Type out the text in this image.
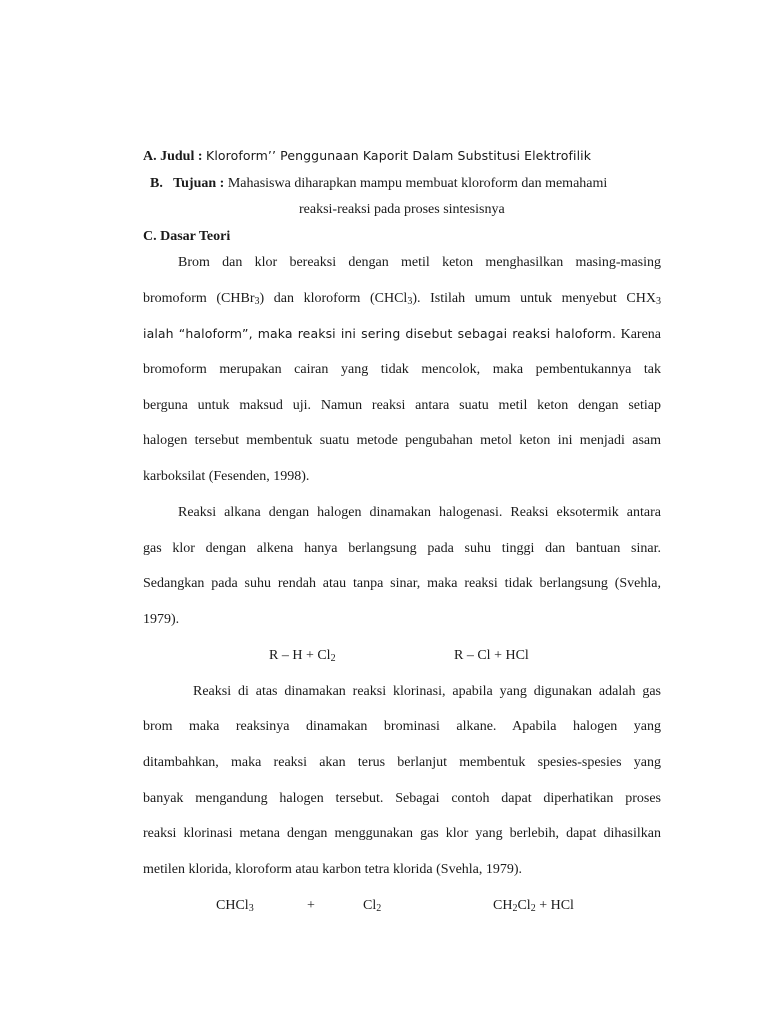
A. Judul : Kloroform’’ Penggunaan Kaporit Dalam Substitusi Elektrofilik
B.   Tujuan : Mahasiswa diharapkan mampu membuat kloroform dan memahami
reaksi-reaksi pada proses sintesisnya
C. Dasar Teori
Brom dan klor bereaksi dengan metil keton menghasilkan masing-masing
bromoform (CHBr$_3$) dan kloroform (CHCl$_3$). Istilah umum untuk menyebut $CHX_3$
ialah “haloform”, maka reaksi ini sering disebut sebagai reaksi haloform. Karena
bromoform merupakan cairan yang tidak mencolok, maka pembentukannya tak
berguna untuk maksud uji. Namun reaksi antara suatu metil keton dengan setiap
halogen tersebut membentuk suatu metode pengubahan metol keton ini menjadi asam
karboksilat (Fesenden, 1998).
Reaksi alkana dengan halogen dinamakan halogenasi. Reaksi eksotermik antara
gas klor dengan alkena hanya berlangsung pada suhu tinggi dan bantuan sinar.
Sedangkan pada suhu rendah atau tanpa sinar, maka reaksi tidak berlangsung (Svehla,
1979).
$R - H + Cl_2$	R – Cl + HCl
Reaksi di atas dinamakan reaksi klorinasi, apabila yang digunakan adalah gas
brom maka reaksinya dinamakan brominasi alkane. Apabila halogen yang
ditambahkan, maka reaksi akan terus berlanjut membentuk spesies-spesies yang
banyak mengandung halogen tersebut. Sebagai contoh dapat diperhatikan proses
reaksi klorinasi metana dengan menggunakan gas klor yang berlebih, dapat dihasilkan
metilen klorida, kloroform atau karbon tetra klorida (Svehla, 1979).
CHCl$_3$	+	$Cl_2$	$CH_2Cl_2$ + HCl
